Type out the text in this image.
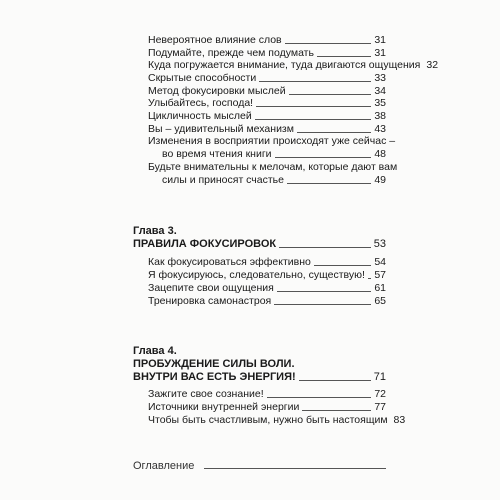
Невероятное влияние слов	31
Подумайте, прежде чем подумать	31
Куда погружается внимание, туда двигаются ощущения 32
Скрытые способности	33
Метод фокусировки мыслей	34
Улыбайтесь, господа!	35
Цикличность мыслей	38
Вы – удивительный механизм	43
Изменения в восприятии происходят уже сейчас –
во время чтения книги	48
Будьте внимательны к мелочам, которые дают вам
силы и приносят счастье	49
Глава 3.
ПРАВИЛА ФОКУСИРОВОК	53
Как фокусироваться эффективно	54
Я фокусируюсь, следовательно, существую! 57
Зацепите свои ощущения	61
Тренировка самонастроя	65
Глава 4.
ПРОБУЖДЕНИЕ СИЛЫ ВОЛИ.
ВНУТРИ ВАС ЕСТЬ ЭНЕРГИЯ!	71
Зажгите свое сознание!	72
Источники внутренней энергии	77
Чтобы быть счастливым, нужно быть настоящим 83
Оглавление
